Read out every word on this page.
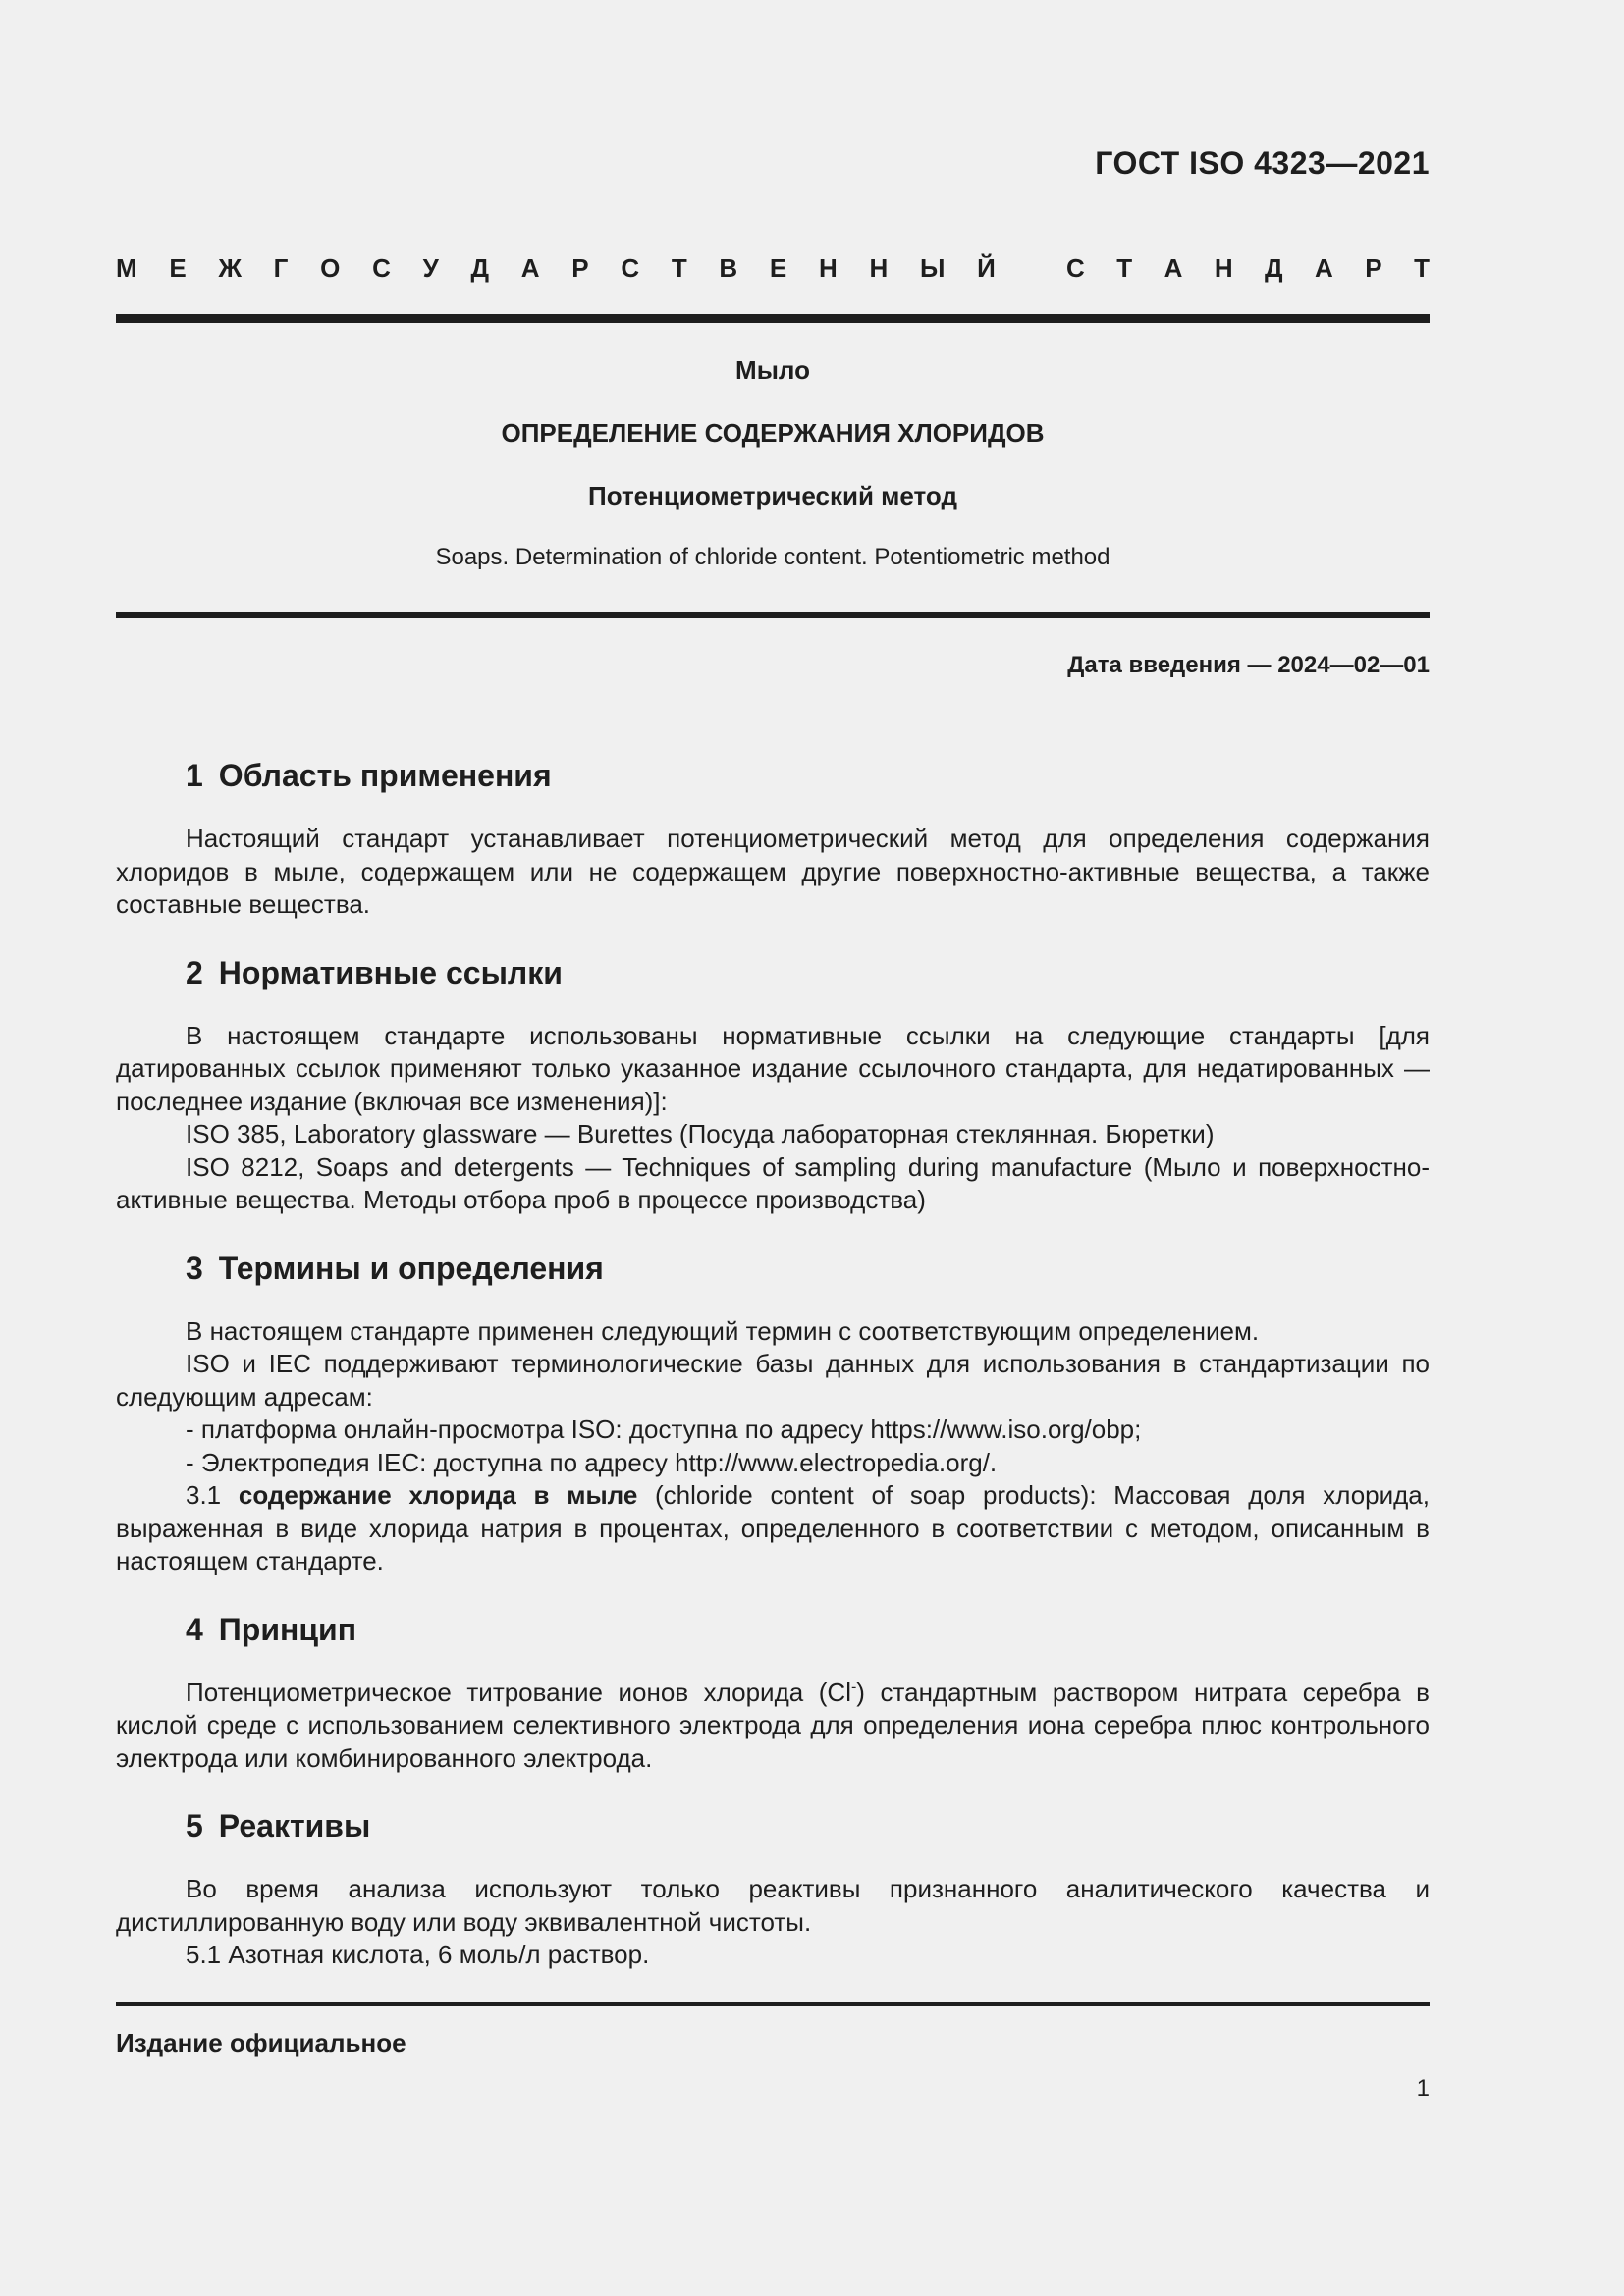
ГОСТ ISO 4323—2021
М Е Ж Г О С У Д А Р С Т В Е Н Н Ы Й	С Т А Н Д А Р Т
Мыло
ОПРЕДЕЛЕНИЕ СОДЕРЖАНИЯ ХЛОРИДОВ
Потенциометрический метод
Soaps. Determination of chloride content. Potentiometric method
Дата введения — 2024—02—01
1 Область применения

Настоящий стандарт устанавливает потенциометрический метод для определения содержания хлоридов в мыле, содержащем или не содержащем другие поверхностно-активные вещества, а также составные вещества.

2 Нормативные ссылки

В настоящем стандарте использованы нормативные ссылки на следующие стандарты [для датированных ссылок применяют только указанное издание ссылочного стандарта, для недатированных — последнее издание (включая все изменения)]:

ISO 385, Laboratory glassware — Burettes (Посуда лабораторная стеклянная. Бюретки)

ISO 8212, Soaps and detergents — Techniques of sampling during manufacture (Мыло и поверхностно-активные вещества. Методы отбора проб в процессе производства)

3 Термины и определения

В настоящем стандарте применен следующий термин с соответствующим определением.

ISO и IEC поддерживают терминологические базы данных для использования в стандартизации по следующим адресам:

- платформа онлайн-просмотра ISO: доступна по адресу https://www.iso.org/obp;

- Электропедия IEC: доступна по адресу http://www.electropedia.org/.

3.1 содержание хлорида в мыле (chloride content of soap products): Массовая доля хлорида, выраженная в виде хлорида натрия в процентах, определенного в соответствии с методом, описанным в настоящем стандарте.

4 Принцип

Потенциометрическое титрование ионов хлорида (Cl-) стандартным раствором нитрата серебра в кислой среде с использованием селективного электрода для определения иона серебра плюс контрольного электрода или комбинированного электрода.

5 Реактивы

Во время анализа используют только реактивы признанного аналитического качества и дистиллированную воду или воду эквивалентной чистоты.

5.1 Азотная кислота, 6 моль/л раствор.

Издание официальное
1
